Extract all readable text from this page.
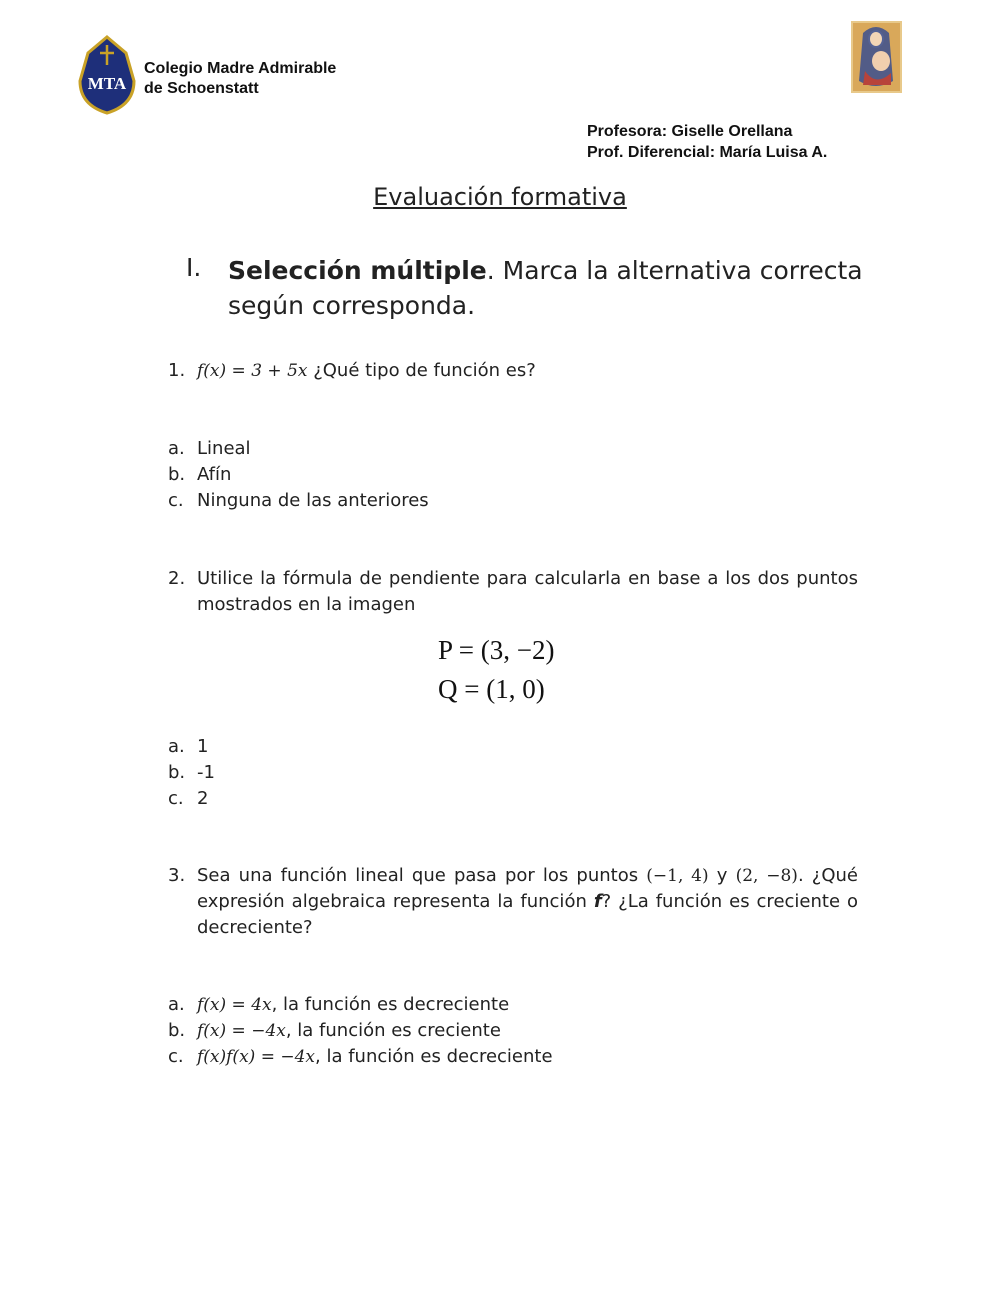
MTA
Colegio Madre Admirable
de Schoenstatt
Profesora: Giselle Orellana
Prof. Diferencial: María Luisa A.
Evaluación formativa
I. Selección múltiple. Marca la alternativa correcta según corresponda.
1. f(x) = 3 + 5x ¿Qué tipo de función es?
a. Lineal
b. Afín
c. Ninguna de las anteriores
2. Utilice la fórmula de pendiente para calcularla en base a los dos puntos mostrados en la imagen
P = (3, −2)
Q = (1, 0)
a. 1
b. -1
c. 2
3. Sea una función lineal que pasa por los puntos (−1, 4) y (2, −8). ¿Qué expresión algebraica representa la función f? ¿La función es creciente o decreciente?
a. f(x) = 4x, la función es decreciente
b. f(x) = −4x, la función es creciente
c. f(x)f(x) = −4x, la función es decreciente
